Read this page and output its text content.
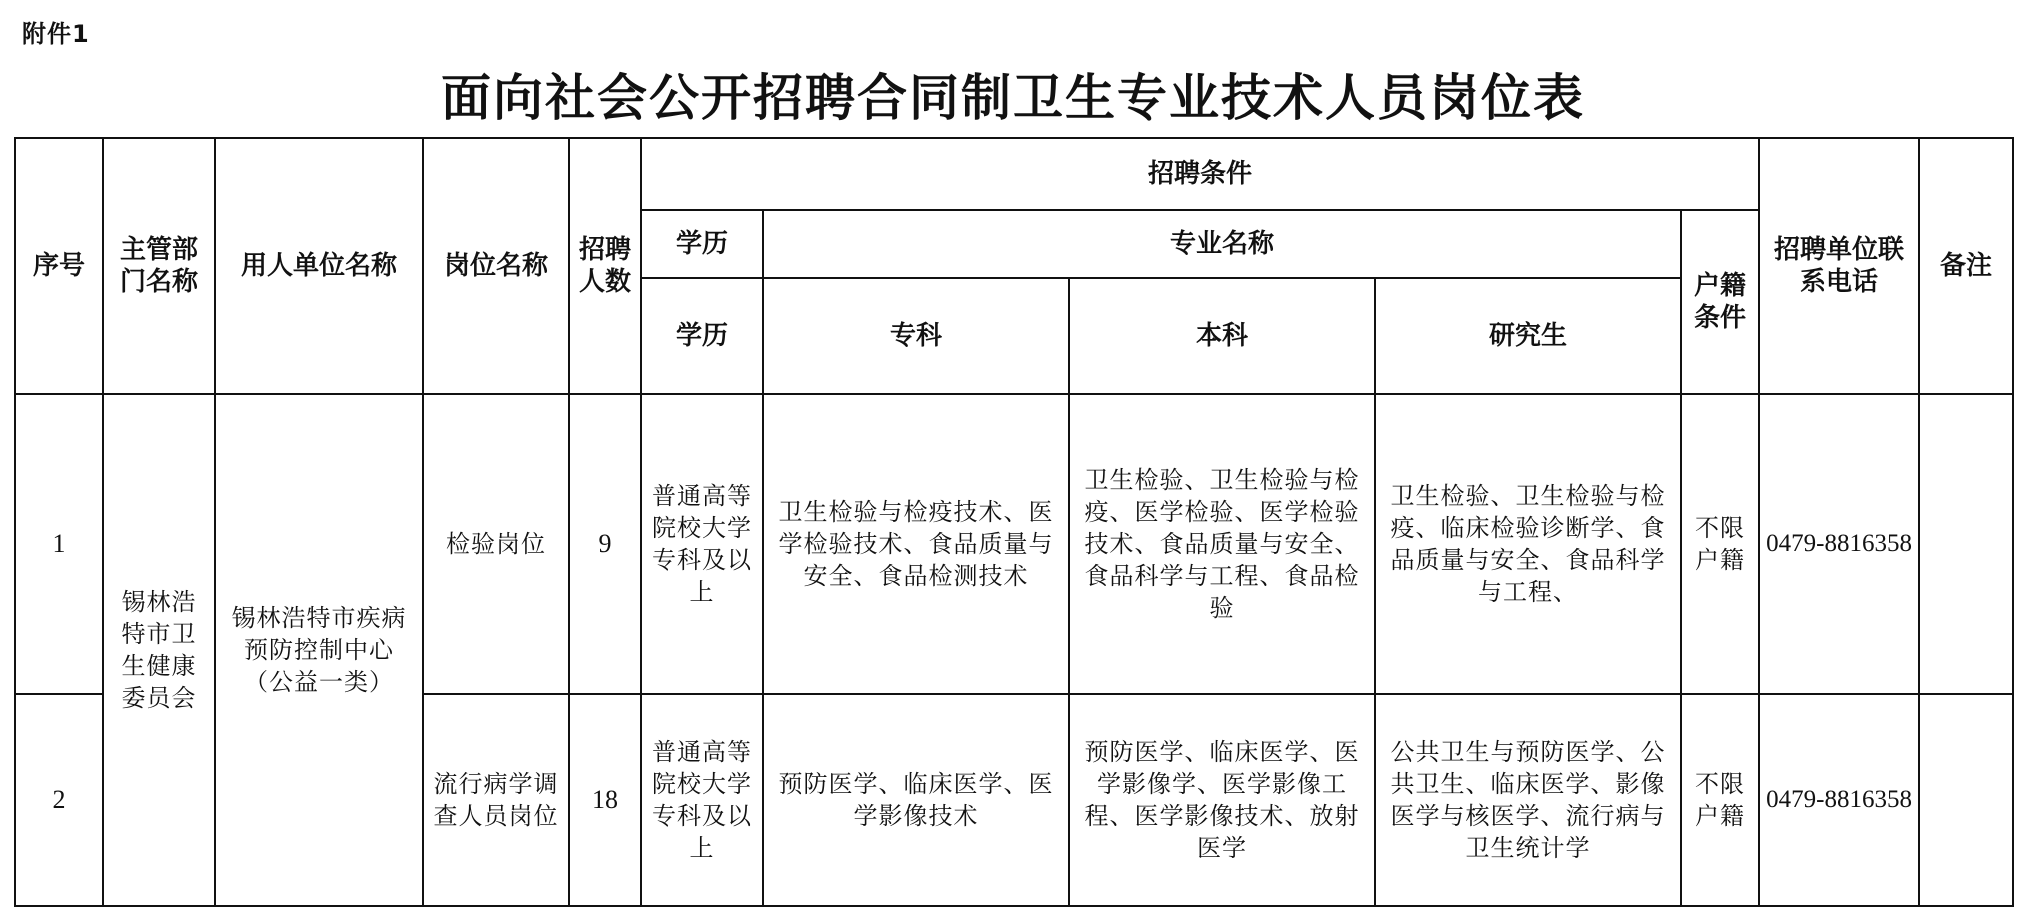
附件1
面向社会公开招聘合同制卫生专业技术人员岗位表
序号	主管部门名称	用人单位名称	岗位名称	招聘人数	招聘条件					招聘单位联系电话	备注
					学历	专业名称			户籍条件		
					学历	专科	本科	研究生			
1	锡林浩特市卫生健康委员会	锡林浩特市疾病预防控制中心（公益一类）	检验岗位	9	普通高等院校大学专科及以上	卫生检验与检疫技术、医学检验技术、食品质量与安全、食品检测技术	卫生检验、卫生检验与检疫、医学检验、医学检验技术、食品质量与安全、食品科学与工程、食品检验	卫生检验、卫生检验与检疫、临床检验诊断学、食品质量与安全、食品科学与工程、	不限户籍	0479-8816358	
2			流行病学调查人员岗位	18	普通高等院校大学专科及以上	预防医学、临床医学、医学影像技术	预防医学、临床医学、医学影像学、医学影像工程、医学影像技术、放射医学	公共卫生与预防医学、公共卫生、临床医学、影像医学与核医学、流行病与卫生统计学	不限户籍	0479-8816358	
